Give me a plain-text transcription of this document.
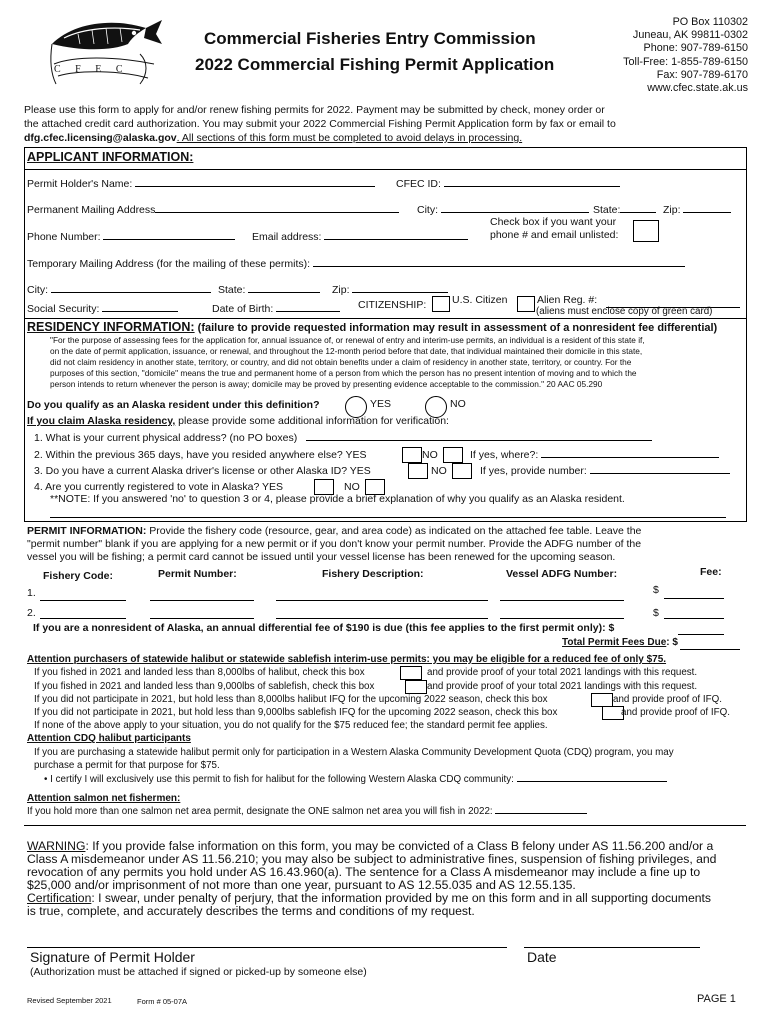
C F E C
Commercial Fisheries Entry Commission
2022 Commercial Fishing Permit Application
PO Box 110302
Juneau, AK 99811-0302
Phone: 907-789-6150
Toll-Free: 1-855-789-6150
Fax: 907-789-6170
www.cfec.state.ak.us
Please use this form to apply for and/or renew fishing permits for 2022. Payment may be submitted by check, money order or
the attached credit card authorization. You may submit your 2022 Commercial Fishing Permit Application form by fax or email to
dfg.cfec.licensing@alaska.gov. All sections of this form must be completed to avoid delays in processing.
APPLICANT INFORMATION:
Permit Holder's Name:	CFEC ID:
Permanent Mailing Address	City:	State:	Zip:
Check box if you want your
phone # and email unlisted:
Phone Number:	Email address:
Temporary Mailing Address (for the mailing of these permits):
City:	State:	Zip:
Social Security:	Date of Birth:	CITIZENSHIP: U.S. Citizen	Alien Reg. #:
(aliens must enclose copy of green card)
RESIDENCY INFORMATION: (failure to provide requested information may result in assessment of a nonresident fee differential)
"For the purpose of assessing fees for the application for, annual issuance of, or renewal of entry and interim-use permits, an individual is a resident of this state if,
on the date of permit application, issuance, or renewal, and throughout the 12-month period before that date, that individual maintained their domicile in this state,
did not claim residency in another state, territory, or country, and did not obtain benefits under a claim of residency in another state, territory, or country. For the
purposes of this section, "domicile" means the true and permanent home of a person from which the person has no present intention of moving and to which the
person intends to return whenever the person is away; domicile may be proved by presenting evidence acceptable to the commission." 20 AAC 05.290
Do you qualify as an Alaska resident under this definition?	YES	NO
If you claim Alaska residency, please provide some additional information for verification:
1. What is your current physical address? (no PO boxes)
2. Within the previous 365 days, have you resided anywhere else? YES	NO	If yes, where?:
3. Do you have a current Alaska driver's license or other Alaska ID? YES	NO	If yes, provide number:
4. Are you currently registered to vote in Alaska? YES	NO
**NOTE: If you answered 'no' to question 3 or 4, please provide a brief explanation of why you qualify as an Alaska resident.
PERMIT INFORMATION: Provide the fishery code (resource, gear, and area code) as indicated on the attached fee table. Leave the
"permit number" blank if you are applying for a new permit or if you don't know your permit number. Provide the ADFG number of the
vessel you will be fishing; a permit card cannot be issued until your vessel license has been renewed for the upcoming season.
Fishery Code:	Permit Number:	Fishery Description:	Vessel ADFG Number:	Fee:
1.	$
2.	$
If you are a nonresident of Alaska, an annual differential fee of $190 is due (this fee applies to the first permit only): $
Total Permit Fees Due: $
Attention purchasers of statewide halibut or statewide sablefish interim-use permits: you may be eligible for a reduced fee of only $75.
If you fished in 2021 and landed less than 8,000lbs of halibut, check this box	and provide proof of your total 2021 landings with this request.
If you fished in 2021 and landed less than 9,000lbs of sablefish, check this box	and provide proof of your total 2021 landings with this request.
If you did not participate in 2021, but hold less than 8,000lbs halibut IFQ for the upcoming 2022 season, check this box	and provide proof of IFQ.
If you did not participate in 2021, but hold less than 9,000lbs sablefish IFQ for the upcoming 2022 season, check this box	and provide proof of IFQ.
If none of the above apply to your situation, you do not qualify for the $75 reduced fee; the standard permit fee applies.
Attention CDQ halibut participants
If you are purchasing a statewide halibut permit only for participation in a Western Alaska Community Development Quota (CDQ) program, you may
purchase a permit for that purpose for $75.
• I certify I will exclusively use this permit to fish for halibut for the following Western Alaska CDQ community:
Attention salmon net fishermen:
If you hold more than one salmon net area permit, designate the ONE salmon net area you will fish in 2022:
WARNING: If you provide false information on this form, you may be convicted of a Class B felony under AS 11.56.200 and/or a
Class A misdemeanor under AS 11.56.210; you may also be subject to administrative fines, suspension of fishing privileges, and
revocation of any permits you hold under AS 16.43.960(a). The sentence for a Class A misdemeanor may include a fine up to
$25,000 and/or imprisonment of not more than one year, pursuant to AS 12.55.035 and AS 12.55.135.
Certification: I swear, under penalty of perjury, that the information provided by me on this form and in all supporting documents
is true, complete, and accurately describes the terms and conditions of my request.
Signature of Permit Holder	Date
(Authorization must be attached if signed or picked-up by someone else)
Revised September 2021	Form # 05-07A	PAGE 1
